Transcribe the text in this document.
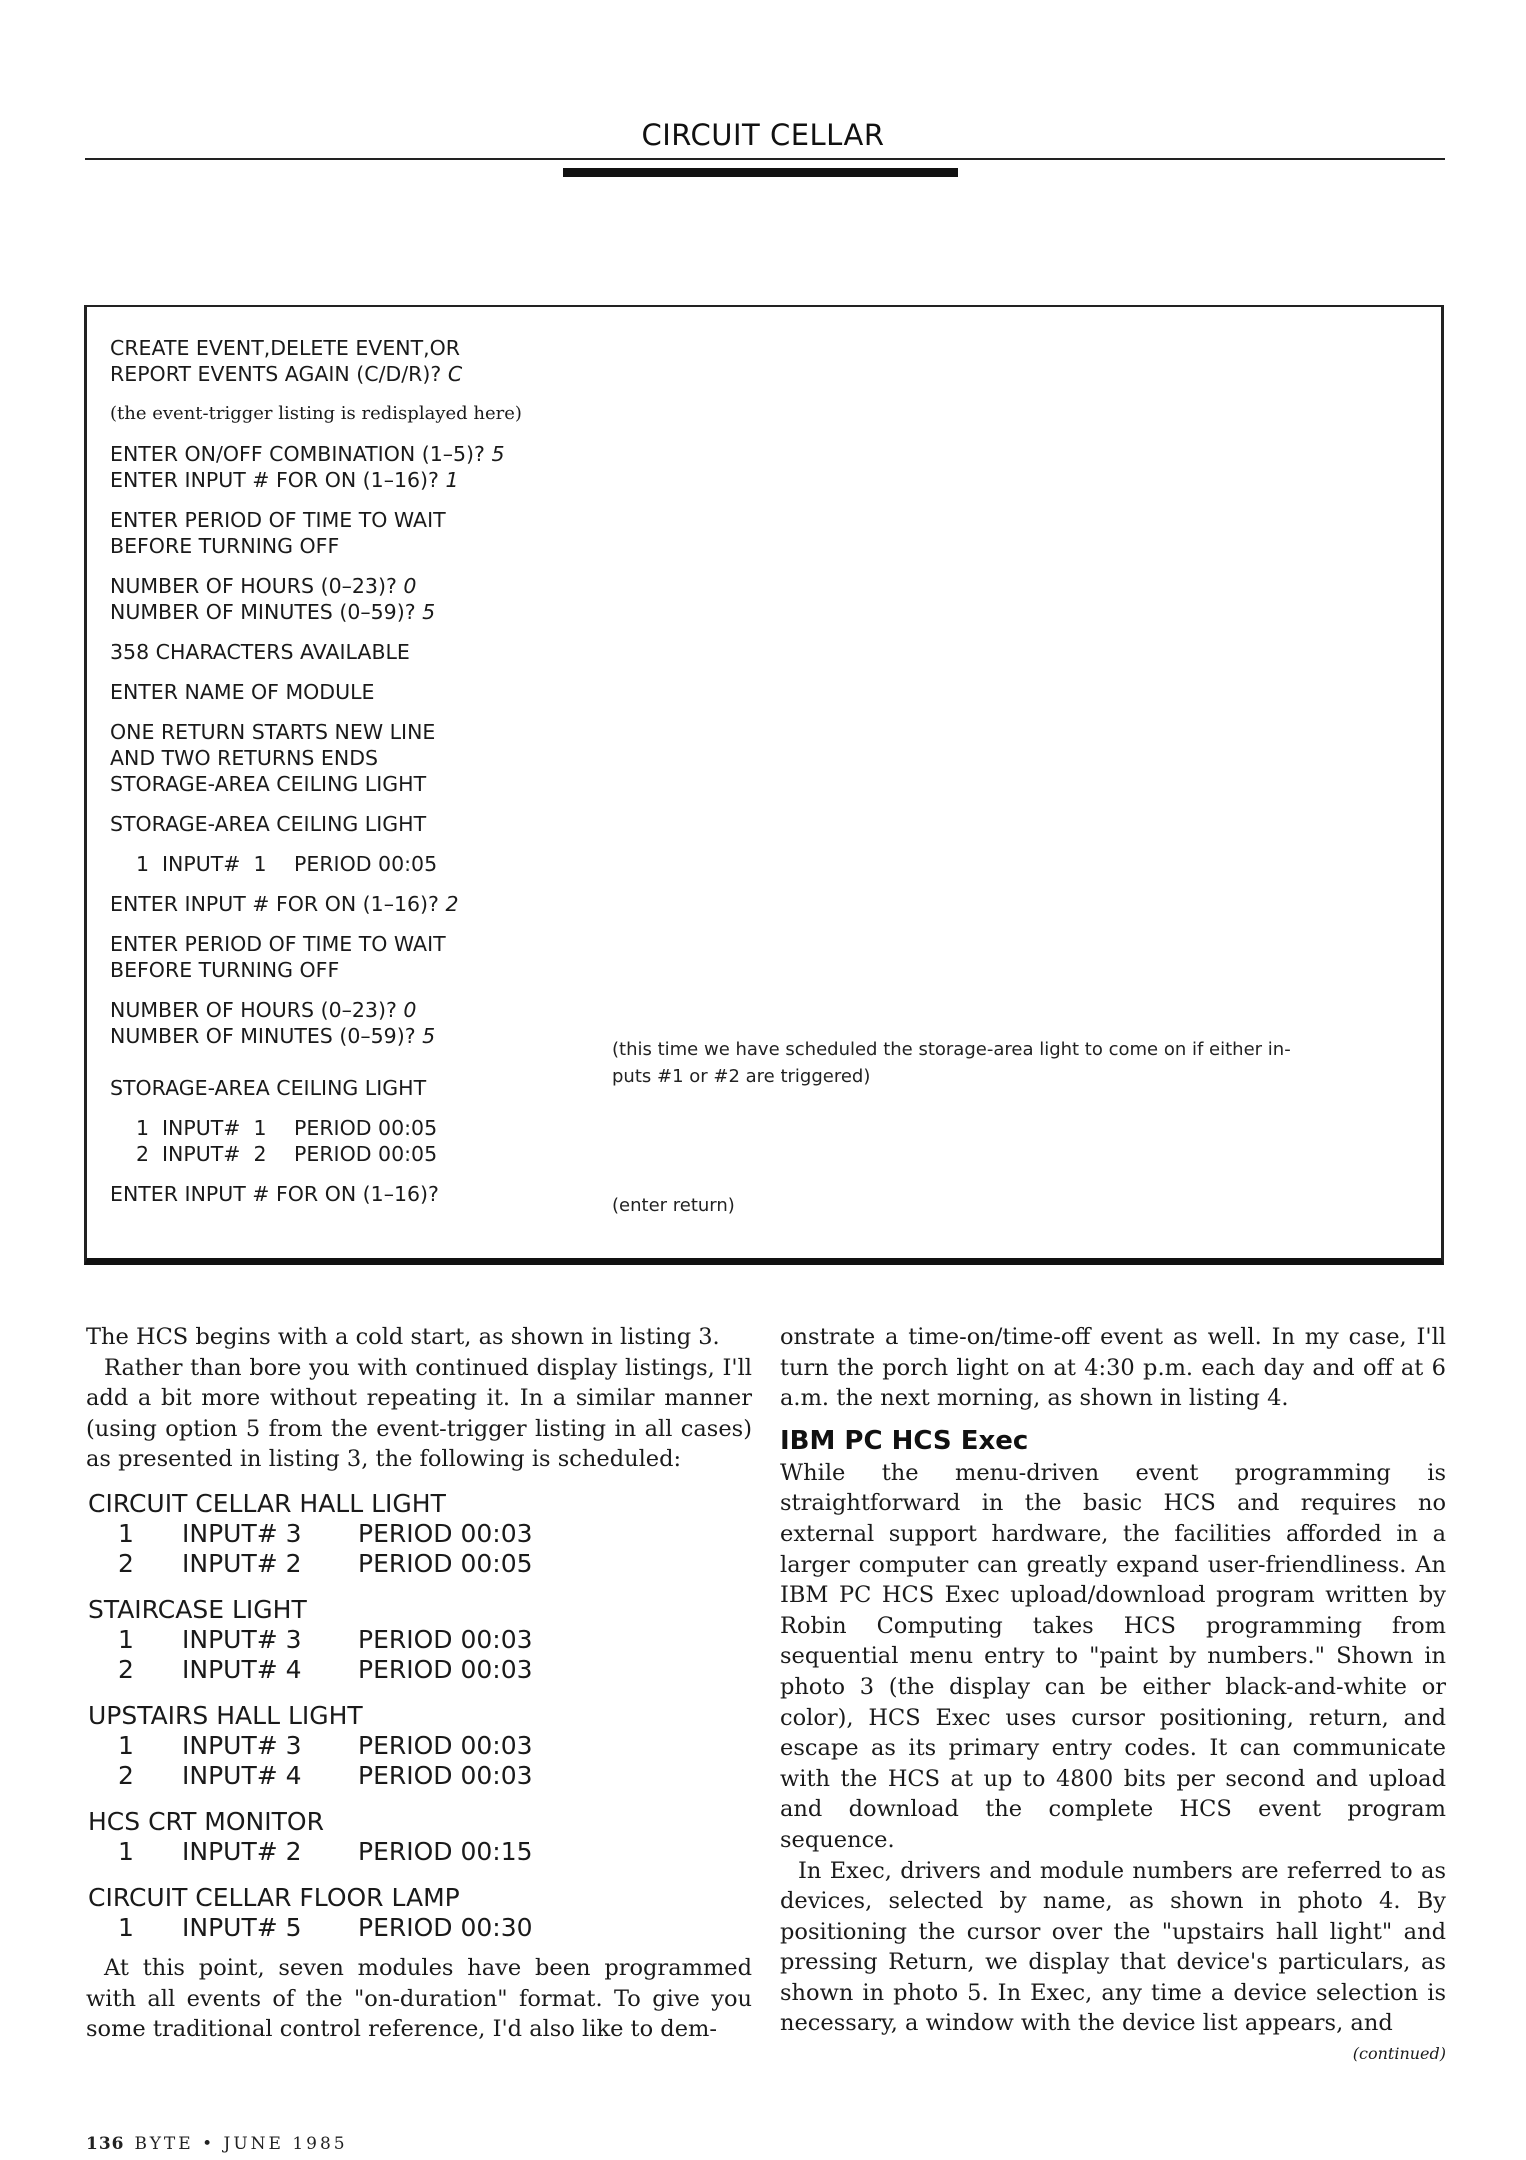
CIRCUIT CELLAR
CREATE EVENT,DELETE EVENT,OR
REPORT EVENTS AGAIN (C/D/R)? C
(the event-trigger listing is redisplayed here)
ENTER ON/OFF COMBINATION (1–5)? 5
ENTER INPUT # FOR ON (1–16)? 1
ENTER PERIOD OF TIME TO WAIT
BEFORE TURNING OFF
NUMBER OF HOURS (0–23)? 0
NUMBER OF MINUTES (0–59)? 5
358 CHARACTERS AVAILABLE
ENTER NAME OF MODULE
ONE RETURN STARTS NEW LINE
AND TWO RETURNS ENDS
STORAGE-AREA CEILING LIGHT
STORAGE-AREA CEILING LIGHT
1 INPUT#  1	PERIOD 00:05
ENTER INPUT # FOR ON (1–16)? 2
ENTER PERIOD OF TIME TO WAIT
BEFORE TURNING OFF
NUMBER OF HOURS (0–23)? 0
NUMBER OF MINUTES (0–59)? 5
STORAGE-AREA CEILING LIGHT
1 INPUT#  1	PERIOD 00:05
2 INPUT#  2	PERIOD 00:05
ENTER INPUT # FOR ON (1–16)?
(this time we have scheduled the storage-area light to come on if either in-
puts #1 or #2 are triggered)
(enter return)

The HCS begins with a cold start, as shown in listing 3.

Rather than bore you with continued display listings, I'll add a bit more without repeating it. In a similar manner (using option 5 from the event-trigger listing in all cases) as presented in listing 3, the following is scheduled:

CIRCUIT CELLAR HALL LIGHT
1	INPUT# 3	PERIOD 00:03
2	INPUT# 2	PERIOD 00:05
STAIRCASE LIGHT
1	INPUT# 3	PERIOD 00:03
2	INPUT# 4	PERIOD 00:03
UPSTAIRS HALL LIGHT
1	INPUT# 3	PERIOD 00:03
2	INPUT# 4	PERIOD 00:03
HCS CRT MONITOR
1	INPUT# 2	PERIOD 00:15
CIRCUIT CELLAR FLOOR LAMP
1	INPUT# 5	PERIOD 00:30

At this point, seven modules have been programmed with all events of the "on-duration" format. To give you some traditional control reference, I'd also like to dem-

onstrate a time-on/time-off event as well. In my case, I'll turn the porch light on at 4:30 p.m. each day and off at 6 a.m. the next morning, as shown in listing 4.

IBM PC HCS Exec

While the menu-driven event programming is straightforward in the basic HCS and requires no external support hardware, the facilities afforded in a larger computer can greatly expand user-friendliness. An IBM PC HCS Exec upload/download program written by Robin Computing takes HCS programming from sequential menu entry to "paint by numbers." Shown in photo 3 (the display can be either black-and-white or color), HCS Exec uses cursor positioning, return, and escape as its primary entry codes. It can communicate with the HCS at up to 4800 bits per second and upload and download the complete HCS event program sequence.

In Exec, drivers and module numbers are referred to as devices, selected by name, as shown in photo 4. By positioning the cursor over the "upstairs hall light" and pressing Return, we display that device's particulars, as shown in photo 5. In Exec, any time a device selection is necessary, a window with the device list appears, and

(continued)
136 BYTE • JUNE 1985
